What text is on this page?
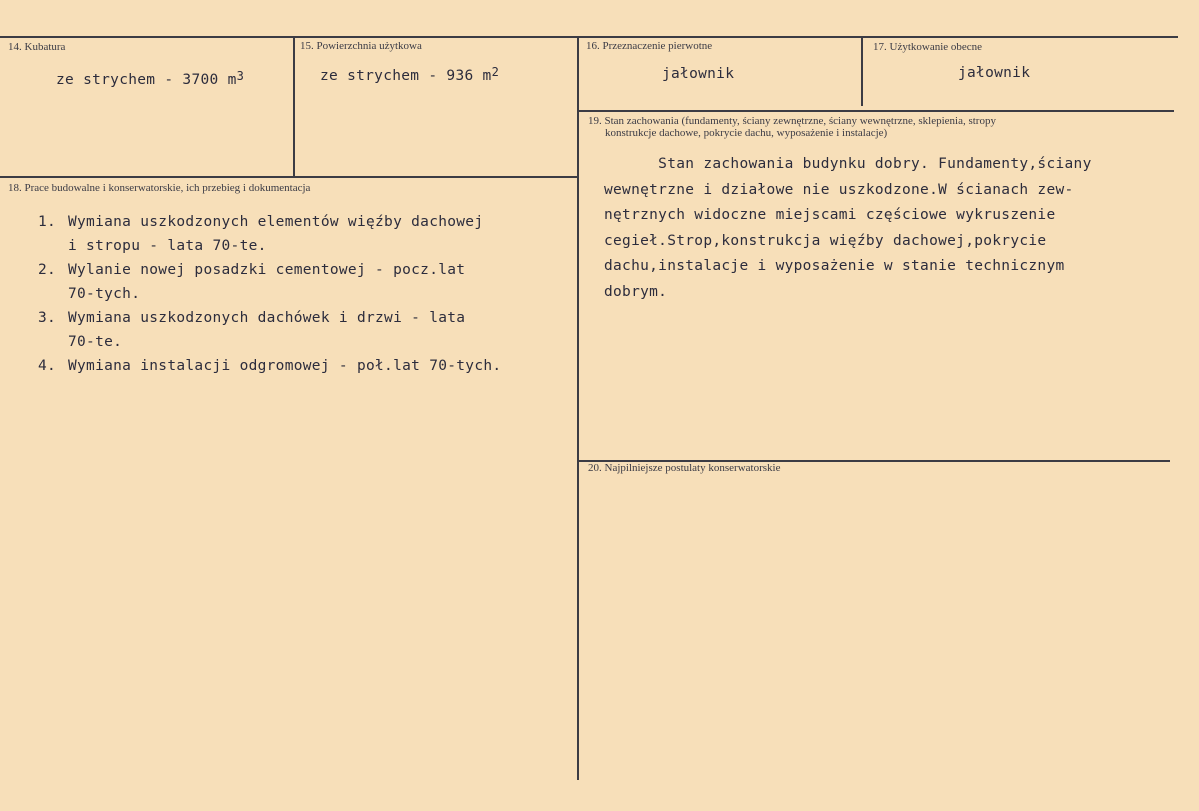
14. Kubatura
ze strychem - 3700 $m^3$
15. Powierzchnia użytkowa
ze strychem - 936 $m^2$
16. Przeznaczenie pierwotne
jałownik
17. Użytkowanie obecne
jałownik
19. Stan zachowania (fundamenty, ściany zewnętrzne, ściany wewnętrzne, sklepienia, stropy
konstrukcje dachowe, pokrycie dachu, wyposażenie i instalacje)
Stan zachowania budynku dobry. Fundamenty,ściany
wewnętrzne i działowe nie uszkodzone.W ścianach zew-
nętrznych widoczne miejscami częściowe wykruszenie
cegieł.Strop,konstrukcja więźby dachowej,pokrycie
dachu,instalacje i wyposażenie w stanie technicznym
dobrym.
18. Prace budowalne i konserwatorskie, ich przebieg i dokumentacja
1. Wymiana uszkodzonych elementów więźby dachowej
i stropu - lata 70-te.
2. Wylanie nowej posadzki cementowej - pocz.lat
70-tych.
3. Wymiana uszkodzonych dachówek i drzwi - lata
70-te.
4. Wymiana instalacji odgromowej - poł.lat 70-tych.
20. Najpilniejsze postulaty konserwatorskie
